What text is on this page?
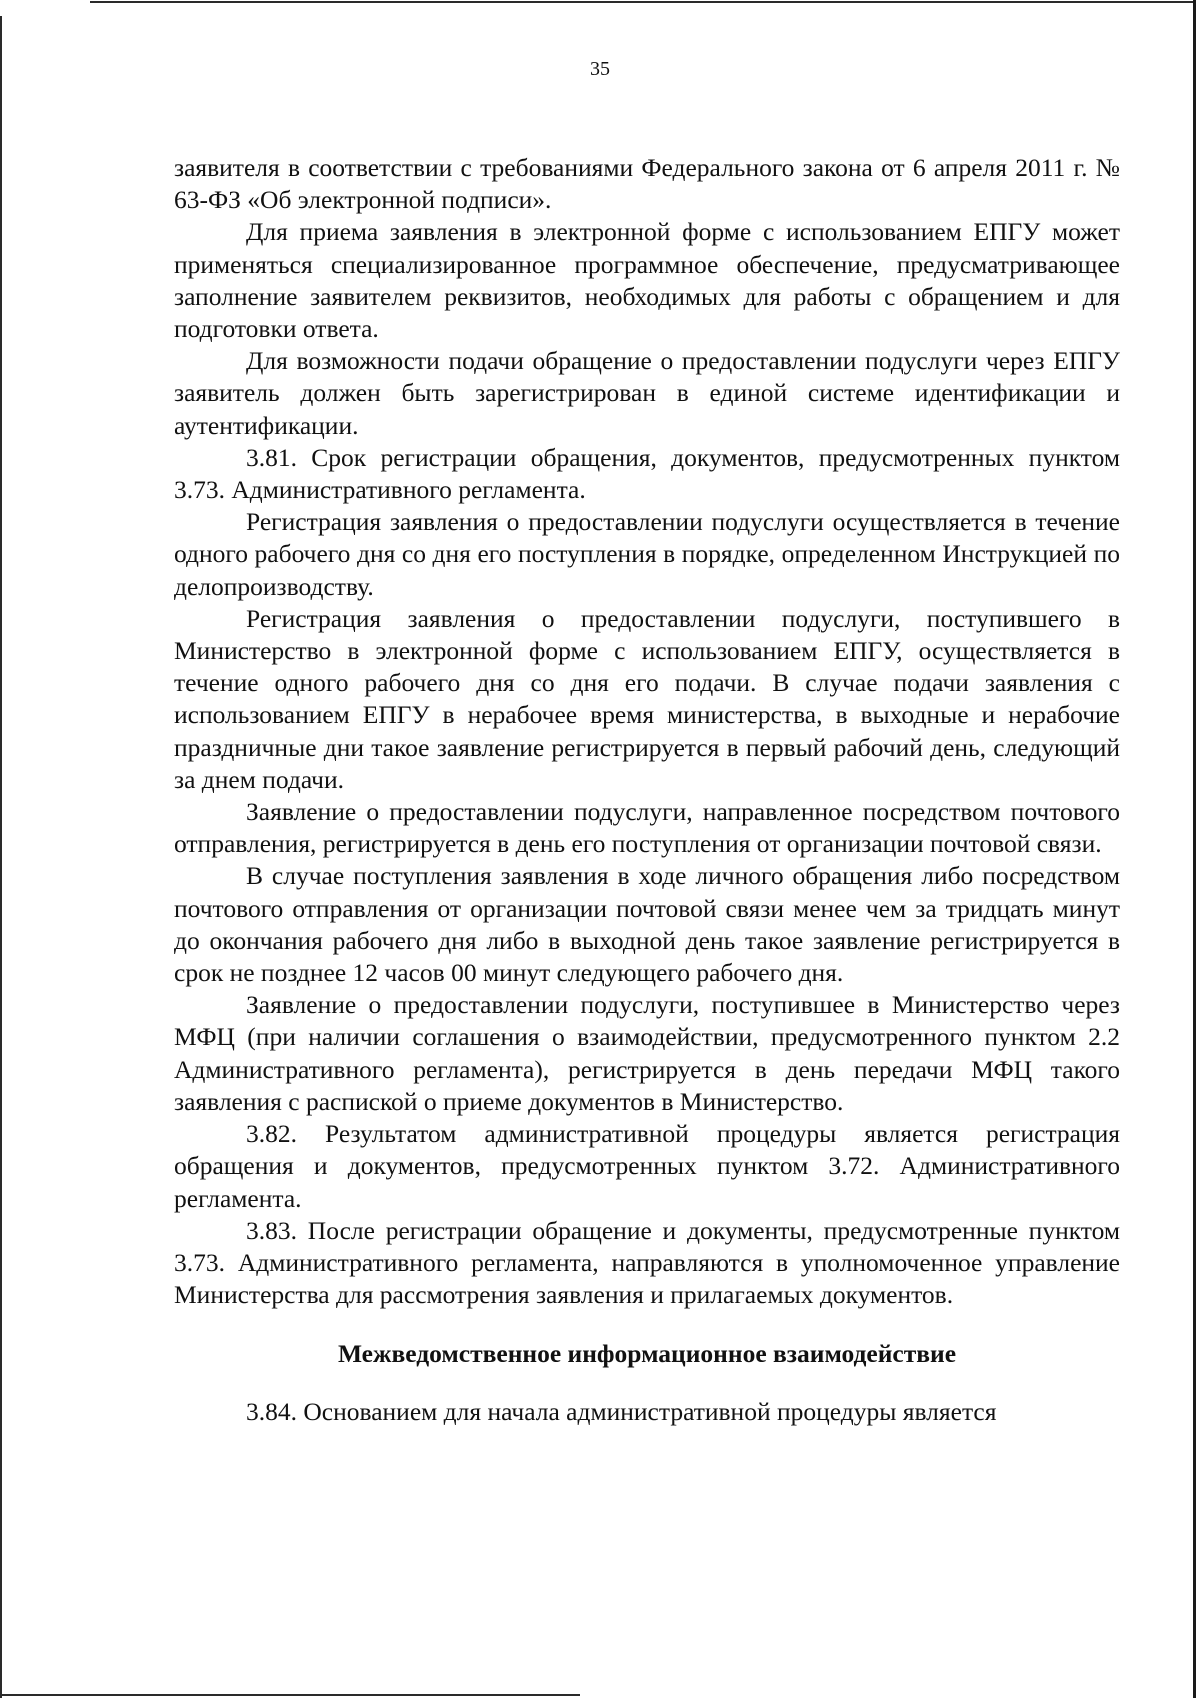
35

заявителя в соответствии с требованиями Федерального закона от 6 апреля 2011 г. № 63-ФЗ «Об электронной подписи».

Для приема заявления в электронной форме с использованием ЕПГУ может применяться специализированное программное обеспечение, предусматривающее заполнение заявителем реквизитов, необходимых для работы с обращением и для подготовки ответа.

Для возможности подачи обращение о предоставлении подуслуги через ЕПГУ заявитель должен быть зарегистрирован в единой системе идентификации и аутентификации.

3.81. Срок регистрации обращения, документов, предусмотренных пунктом 3.73. Административного регламента.

Регистрация заявления о предоставлении подуслуги осуществляется в течение одного рабочего дня со дня его поступления в порядке, определенном Инструкцией по делопроизводству.

Регистрация заявления о предоставлении подуслуги, поступившего в Министерство в электронной форме с использованием ЕПГУ, осуществляется в течение одного рабочего дня со дня его подачи. В случае подачи заявления с использованием ЕПГУ в нерабочее время министерства, в выходные и нерабочие праздничные дни такое заявление регистрируется в первый рабочий день, следующий за днем подачи.

Заявление о предоставлении подуслуги, направленное посредством почтового отправления, регистрируется в день его поступления от организации почтовой связи.

В случае поступления заявления в ходе личного обращения либо посредством почтового отправления от организации почтовой связи менее чем за тридцать минут до окончания рабочего дня либо в выходной день такое заявление регистрируется в срок не позднее 12 часов 00 минут следующего рабочего дня.

Заявление о предоставлении подуслуги, поступившее в Министерство через МФЦ (при наличии соглашения о взаимодействии, предусмотренного пунктом 2.2 Административного регламента), регистрируется в день передачи МФЦ такого заявления с распиской о приеме документов в Министерство.

3.82. Результатом административной процедуры является регистрация обращения и документов, предусмотренных пунктом 3.72. Административного регламента.

3.83. После регистрации обращение и документы, предусмотренные пунктом 3.73. Административного регламента, направляются в уполномоченное управление Министерства для рассмотрения заявления и прилагаемых документов.

Межведомственное информационное взаимодействие

3.84. Основанием для начала административной процедуры является
